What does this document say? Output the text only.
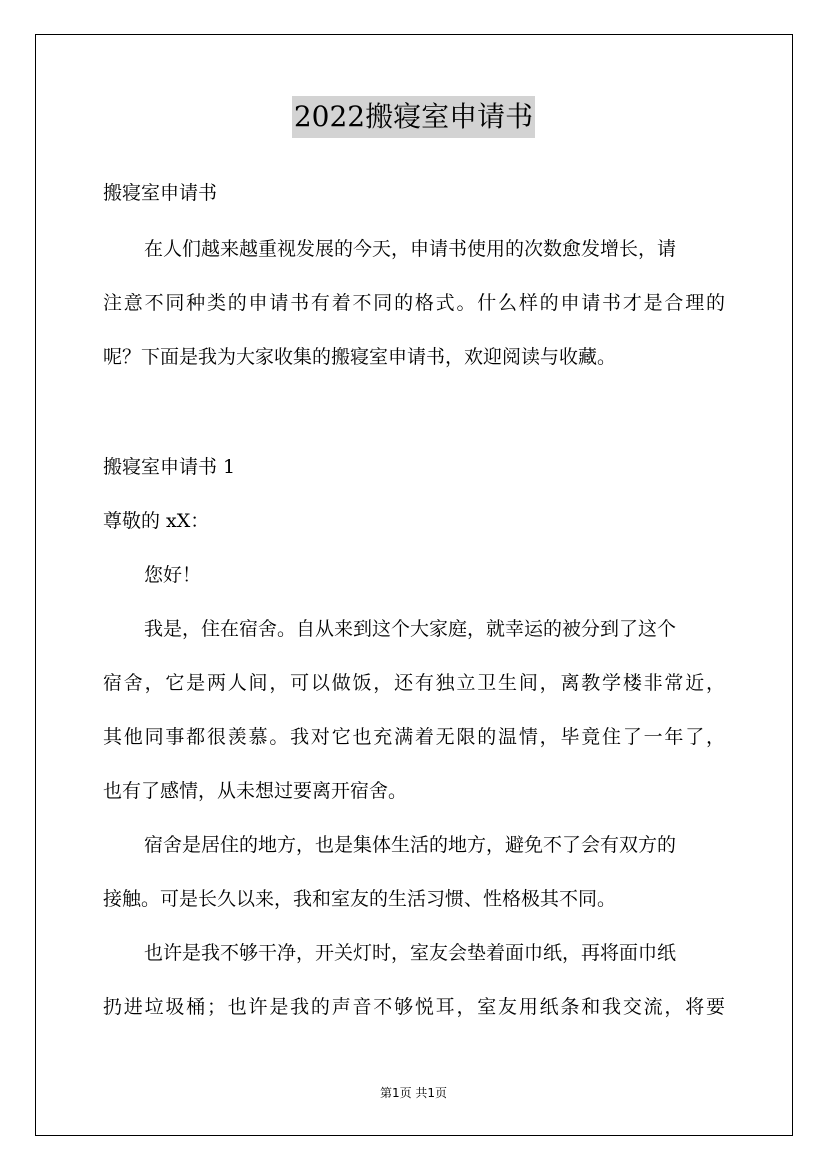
2022搬寝室申请书
搬寝室申请书
在人们越来越重视发展的今天，申请书使用的次数愈发增长，请
注意不同种类的申请书有着不同的格式。什么样的申请书才是合理的
呢？下面是我为大家收集的搬寝室申请书，欢迎阅读与收藏。
搬寝室申请书 1
尊敬的 xX：
您好！
我是，住在宿舍。自从来到这个大家庭，就幸运的被分到了这个
宿舍，它是两人间，可以做饭，还有独立卫生间，离教学楼非常近，
其他同事都很羡慕。我对它也充满着无限的温情，毕竟住了一年了，
也有了感情，从未想过要离开宿舍。
宿舍是居住的地方，也是集体生活的地方，避免不了会有双方的
接触。可是长久以来，我和室友的生活习惯、性格极其不同。
也许是我不够干净，开关灯时，室友会垫着面巾纸，再将面巾纸
扔进垃圾桶；也许是我的声音不够悦耳，室友用纸条和我交流，将要
第1页 共1页
